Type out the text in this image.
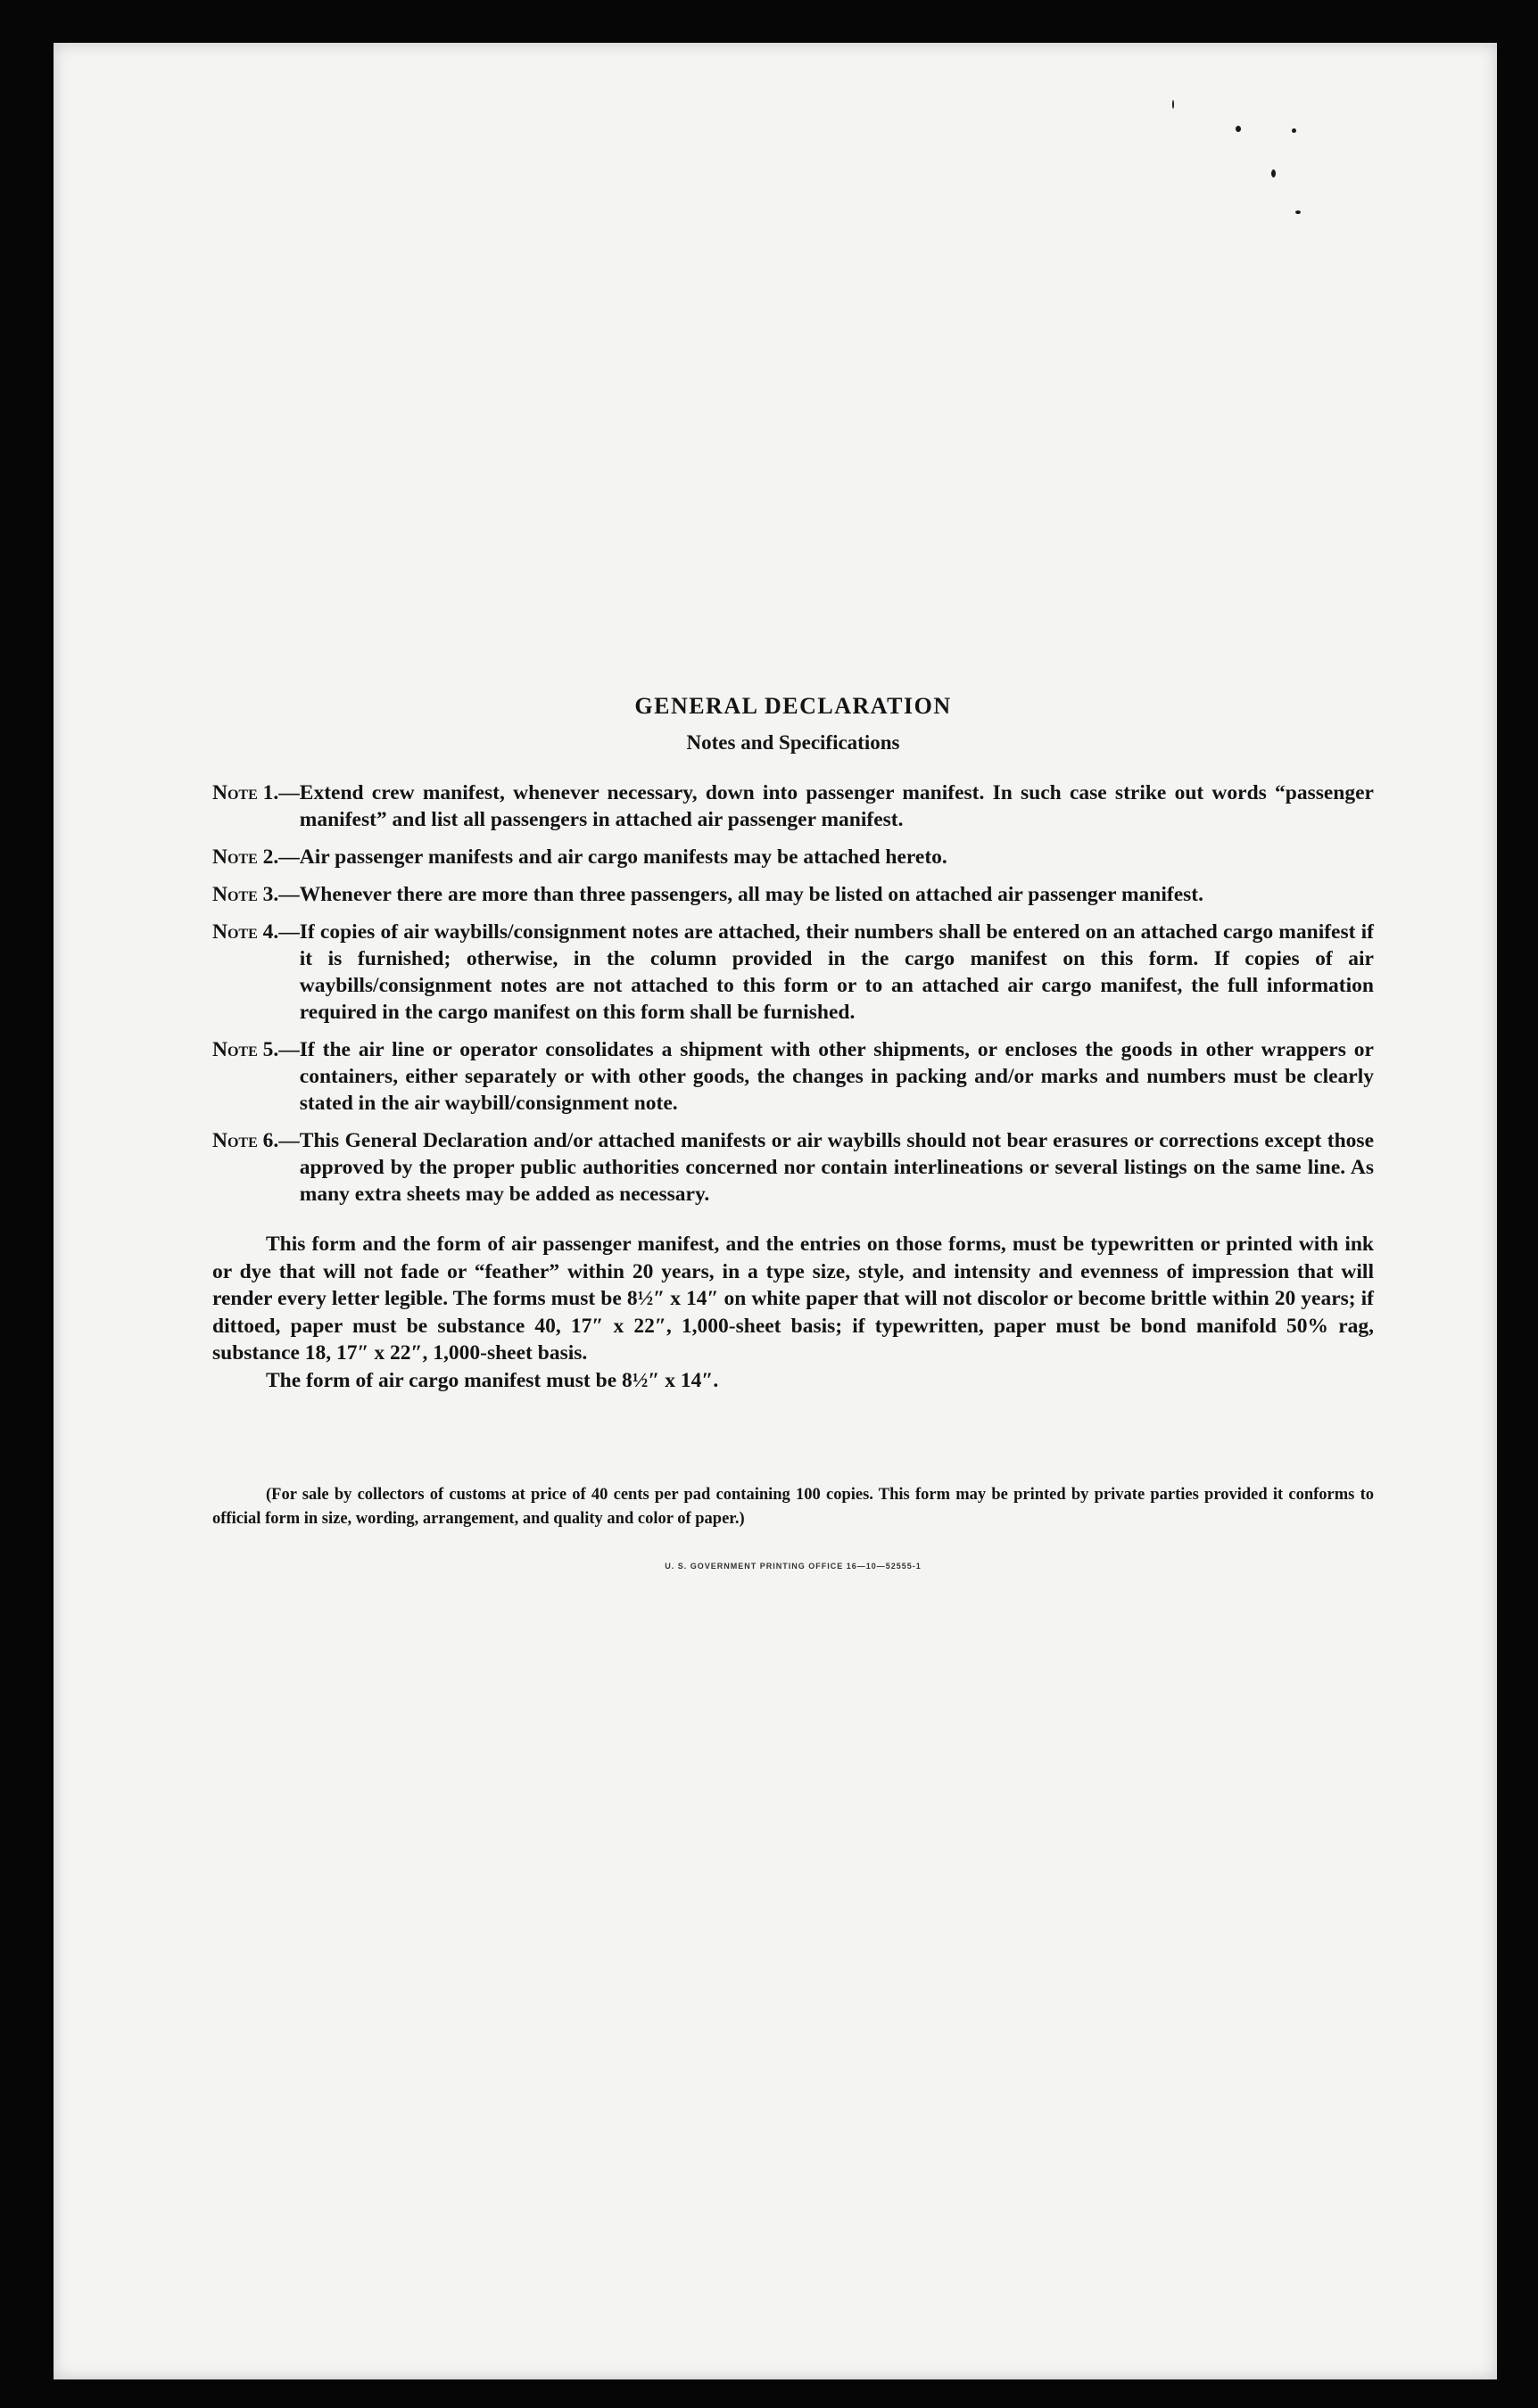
GENERAL DECLARATION
Notes and Specifications
Note 1.— Extend crew manifest, whenever necessary, down into passenger manifest. In such case strike out words “passenger manifest” and list all passengers in attached air passenger manifest.
Note 2.— Air passenger manifests and air cargo manifests may be attached hereto.
Note 3.— Whenever there are more than three passengers, all may be listed on attached air passenger manifest.
Note 4.— If copies of air waybills/consignment notes are attached, their numbers shall be entered on an attached cargo manifest if it is furnished; otherwise, in the column provided in the cargo manifest on this form. If copies of air waybills/consignment notes are not attached to this form or to an attached air cargo manifest, the full information required in the cargo manifest on this form shall be furnished.
Note 5.— If the air line or operator consolidates a shipment with other shipments, or encloses the goods in other wrappers or containers, either separately or with other goods, the changes in packing and/or marks and numbers must be clearly stated in the air waybill/consignment note.
Note 6.— This General Declaration and/or attached manifests or air waybills should not bear erasures or corrections except those approved by the proper public authorities concerned nor contain interlineations or several listings on the same line. As many extra sheets may be added as necessary.

This form and the form of air passenger manifest, and the entries on those forms, must be typewritten or printed with ink or dye that will not fade or “feather” within 20 years, in a type size, style, and intensity and evenness of impression that will render every letter legible. The forms must be 8½″ x 14″ on white paper that will not discolor or become brittle within 20 years; if dittoed, paper must be substance 40, 17″ x 22″, 1,000-sheet basis; if typewritten, paper must be bond manifold 50% rag, substance 18, 17″ x 22″, 1,000-sheet basis.

The form of air cargo manifest must be 8½″ x 14″.

(For sale by collectors of customs at price of 40 cents per pad containing 100 copies. This form may be printed by private parties provided it conforms to official form in size, wording, arrangement, and quality and color of paper.)

U. S. GOVERNMENT PRINTING OFFICE 16—10—52555-1
